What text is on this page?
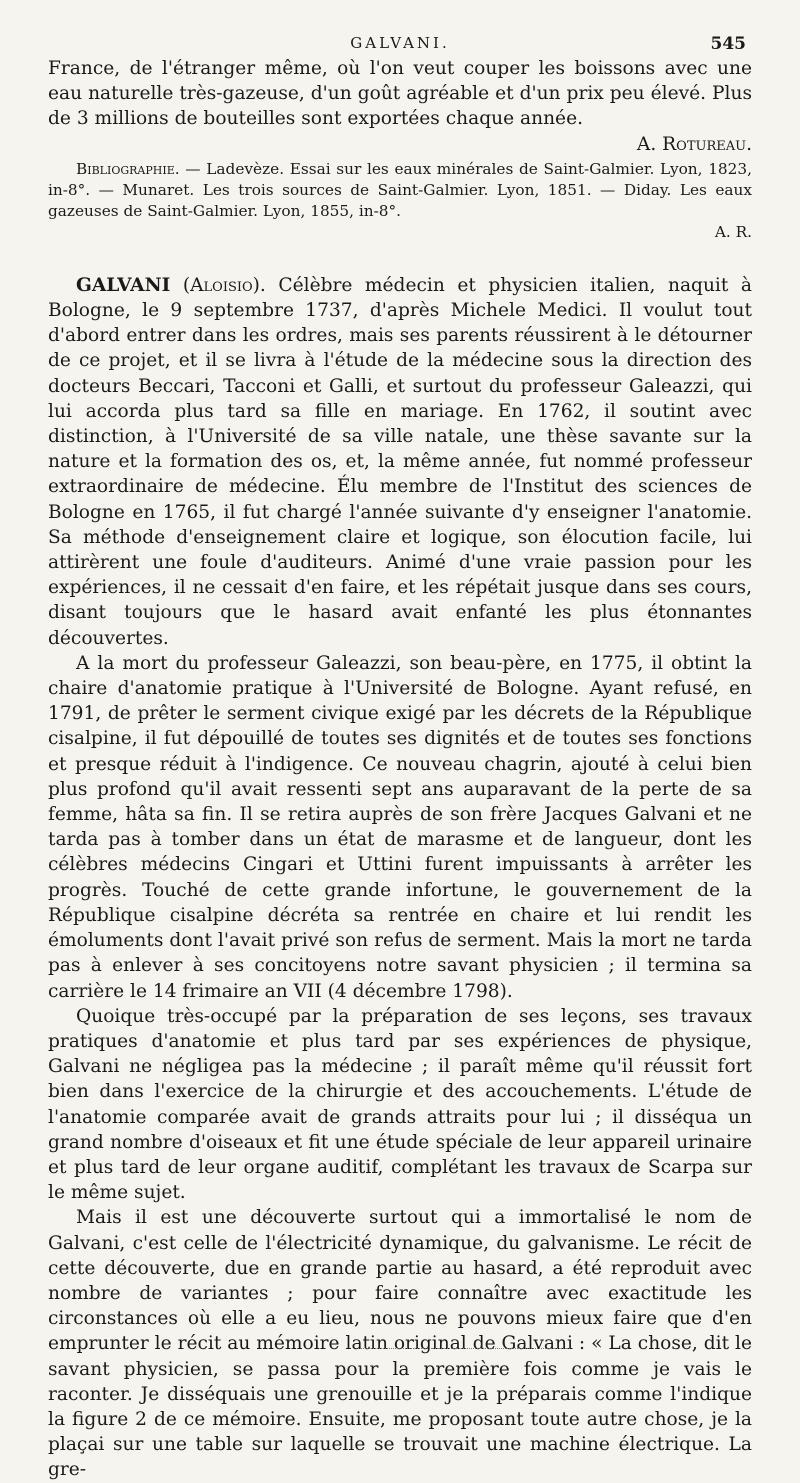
GALVANI.	545

France, de l'étranger même, où l'on veut couper les boissons avec une eau naturelle très-gazeuse, d'un goût agréable et d'un prix peu élevé. Plus de 3 millions de bouteilles sont exportées chaque année.

A. Rotureau.

Bibliographie. — Ladevèze. Essai sur les eaux minérales de Saint-Galmier. Lyon, 1823, in-8°. — Munaret. Les trois sources de Saint-Galmier. Lyon, 1851. — Diday. Les eaux gazeuses de Saint-Galmier. Lyon, 1855, in-8°.
A. R.

GALVANI (Aloisio). Célèbre médecin et physicien italien, naquit à Bologne, le 9 septembre 1737, d'après Michele Medici. Il voulut tout d'abord entrer dans les ordres, mais ses parents réussirent à le détourner de ce projet, et il se livra à l'étude de la médecine sous la direction des docteurs Beccari, Tacconi et Galli, et surtout du professeur Galeazzi, qui lui accorda plus tard sa fille en mariage. En 1762, il soutint avec distinction, à l'Université de sa ville natale, une thèse savante sur la nature et la formation des os, et, la même année, fut nommé professeur extraordinaire de médecine. Élu membre de l'Institut des sciences de Bologne en 1765, il fut chargé l'année suivante d'y enseigner l'anatomie. Sa méthode d'enseignement claire et logique, son élocution facile, lui attirèrent une foule d'auditeurs. Animé d'une vraie passion pour les expériences, il ne cessait d'en faire, et les répétait jusque dans ses cours, disant toujours que le hasard avait enfanté les plus étonnantes découvertes.

A la mort du professeur Galeazzi, son beau-père, en 1775, il obtint la chaire d'anatomie pratique à l'Université de Bologne. Ayant refusé, en 1791, de prêter le serment civique exigé par les décrets de la République cisalpine, il fut dépouillé de toutes ses dignités et de toutes ses fonctions et presque réduit à l'indigence. Ce nouveau chagrin, ajouté à celui bien plus profond qu'il avait ressenti sept ans auparavant de la perte de sa femme, hâta sa fin. Il se retira auprès de son frère Jacques Galvani et ne tarda pas à tomber dans un état de marasme et de langueur, dont les célèbres médecins Cingari et Uttini furent impuissants à arrêter les progrès. Touché de cette grande infortune, le gouvernement de la République cisalpine décréta sa rentrée en chaire et lui rendit les émoluments dont l'avait privé son refus de serment. Mais la mort ne tarda pas à enlever à ses concitoyens notre savant physicien ; il termina sa carrière le 14 frimaire an VII (4 décembre 1798).

Quoique très-occupé par la préparation de ses leçons, ses travaux pratiques d'anatomie et plus tard par ses expériences de physique, Galvani ne négligea pas la médecine ; il paraît même qu'il réussit fort bien dans l'exercice de la chirurgie et des accouchements. L'étude de l'anatomie comparée avait de grands attraits pour lui ; il disséqua un grand nombre d'oiseaux et fit une étude spéciale de leur appareil urinaire et plus tard de leur organe auditif, complétant les travaux de Scarpa sur le même sujet.

Mais il est une découverte surtout qui a immortalisé le nom de Galvani, c'est celle de l'électricité dynamique, du galvanisme. Le récit de cette découverte, due en grande partie au hasard, a été reproduit avec nombre de variantes ; pour faire connaître avec exactitude les circonstances où elle a eu lieu, nous ne pouvons mieux faire que d'en emprunter le récit au mémoire latin original de Galvani : « La chose, dit le savant physicien, se passa pour la première fois comme je vais le raconter. Je disséquais une grenouille et je la préparais comme l'indique la figure 2 de ce mémoire. Ensuite, me proposant toute autre chose, je la plaçai sur une table sur laquelle se trouvait une machine électrique. La gre-
